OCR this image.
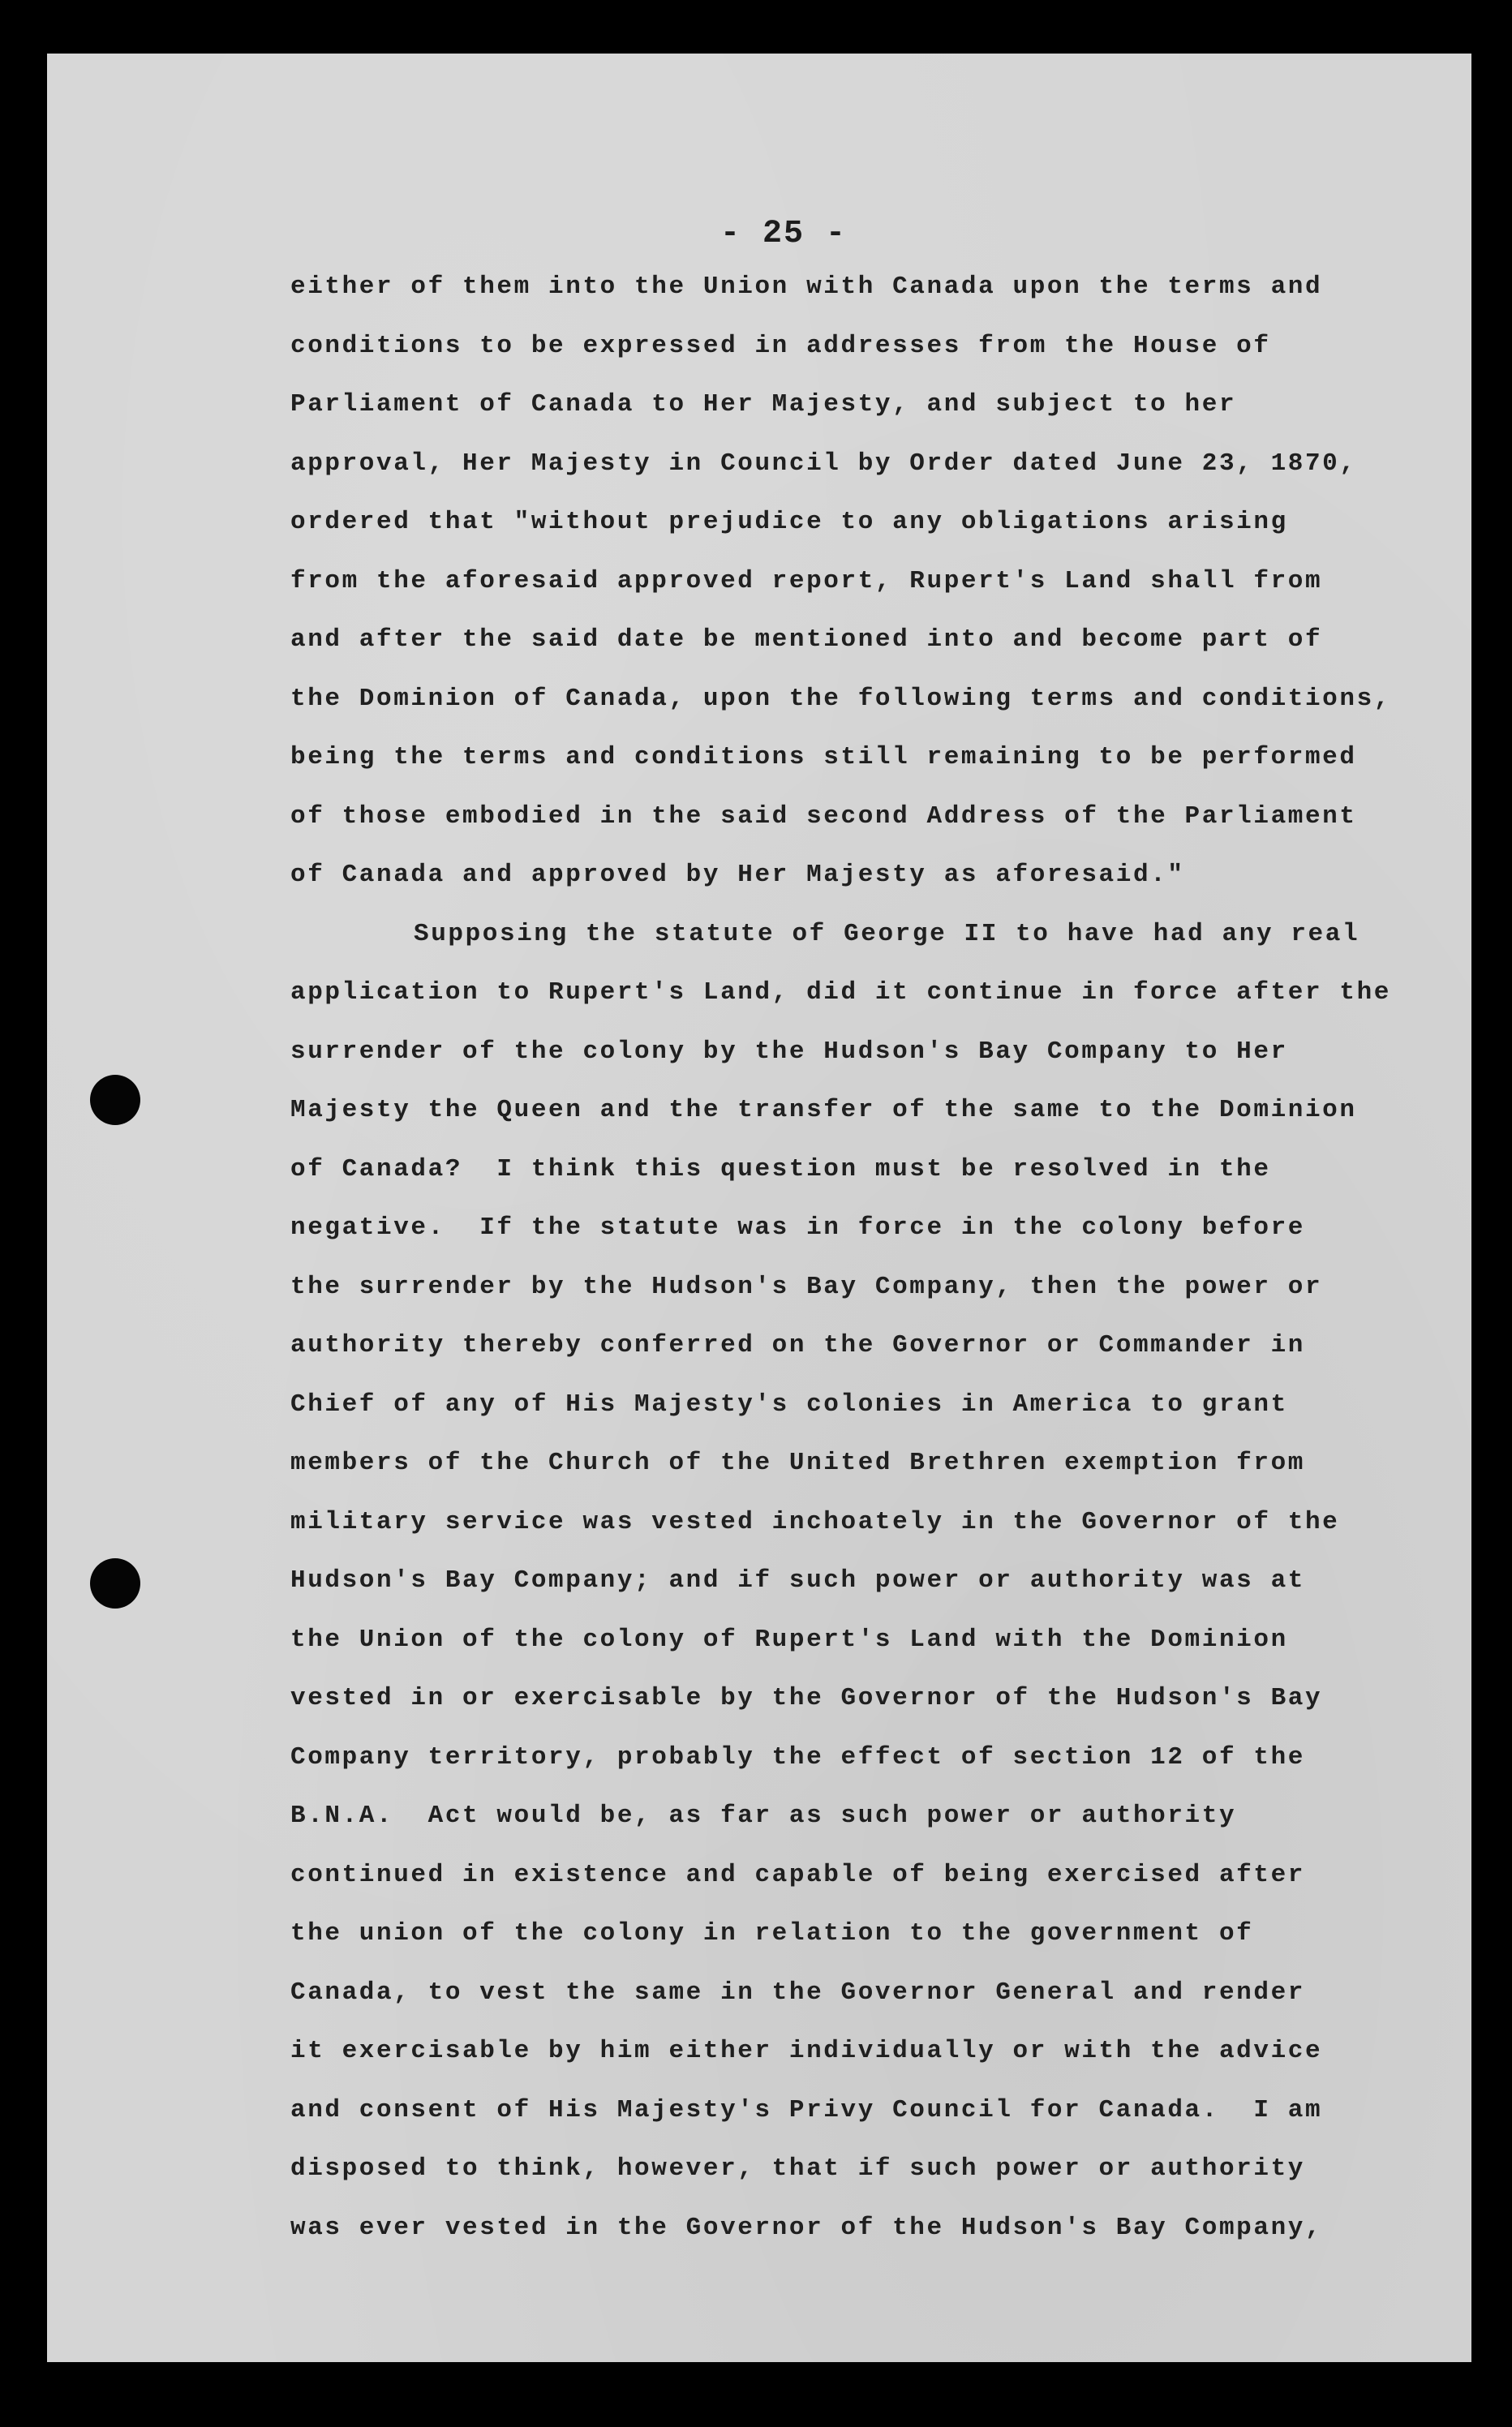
- 25 -
either of them into the Union with Canada upon the terms and
conditions to be expressed in addresses from the House of
Parliament of Canada to Her Majesty, and subject to her
approval, Her Majesty in Council by Order dated June 23, 1870,
ordered that "without prejudice to any obligations arising
from the aforesaid approved report, Rupert's Land shall from
and after the said date be mentioned into and become part of
the Dominion of Canada, upon the following terms and conditions,
being the terms and conditions still remaining to be performed
of those embodied in the said second Address of the Parliament
of Canada and approved by Her Majesty as aforesaid."
Supposing the statute of George II to have had any real
application to Rupert's Land, did it continue in force after the
surrender of the colony by the Hudson's Bay Company to Her
Majesty the Queen and the transfer of the same to the Dominion
of Canada?  I think this question must be resolved in the
negative.  If the statute was in force in the colony before
the surrender by the Hudson's Bay Company, then the power or
authority thereby conferred on the Governor or Commander in
Chief of any of His Majesty's colonies in America to grant
members of the Church of the United Brethren exemption from
military service was vested inchoately in the Governor of the
Hudson's Bay Company; and if such power or authority was at
the Union of the colony of Rupert's Land with the Dominion
vested in or exercisable by the Governor of the Hudson's Bay
Company territory, probably the effect of section 12 of the
B.N.A.  Act would be, as far as such power or authority
continued in existence and capable of being exercised after
the union of the colony in relation to the government of
Canada, to vest the same in the Governor General and render
it exercisable by him either individually or with the advice
and consent of His Majesty's Privy Council for Canada.  I am
disposed to think, however, that if such power or authority
was ever vested in the Governor of the Hudson's Bay Company,
